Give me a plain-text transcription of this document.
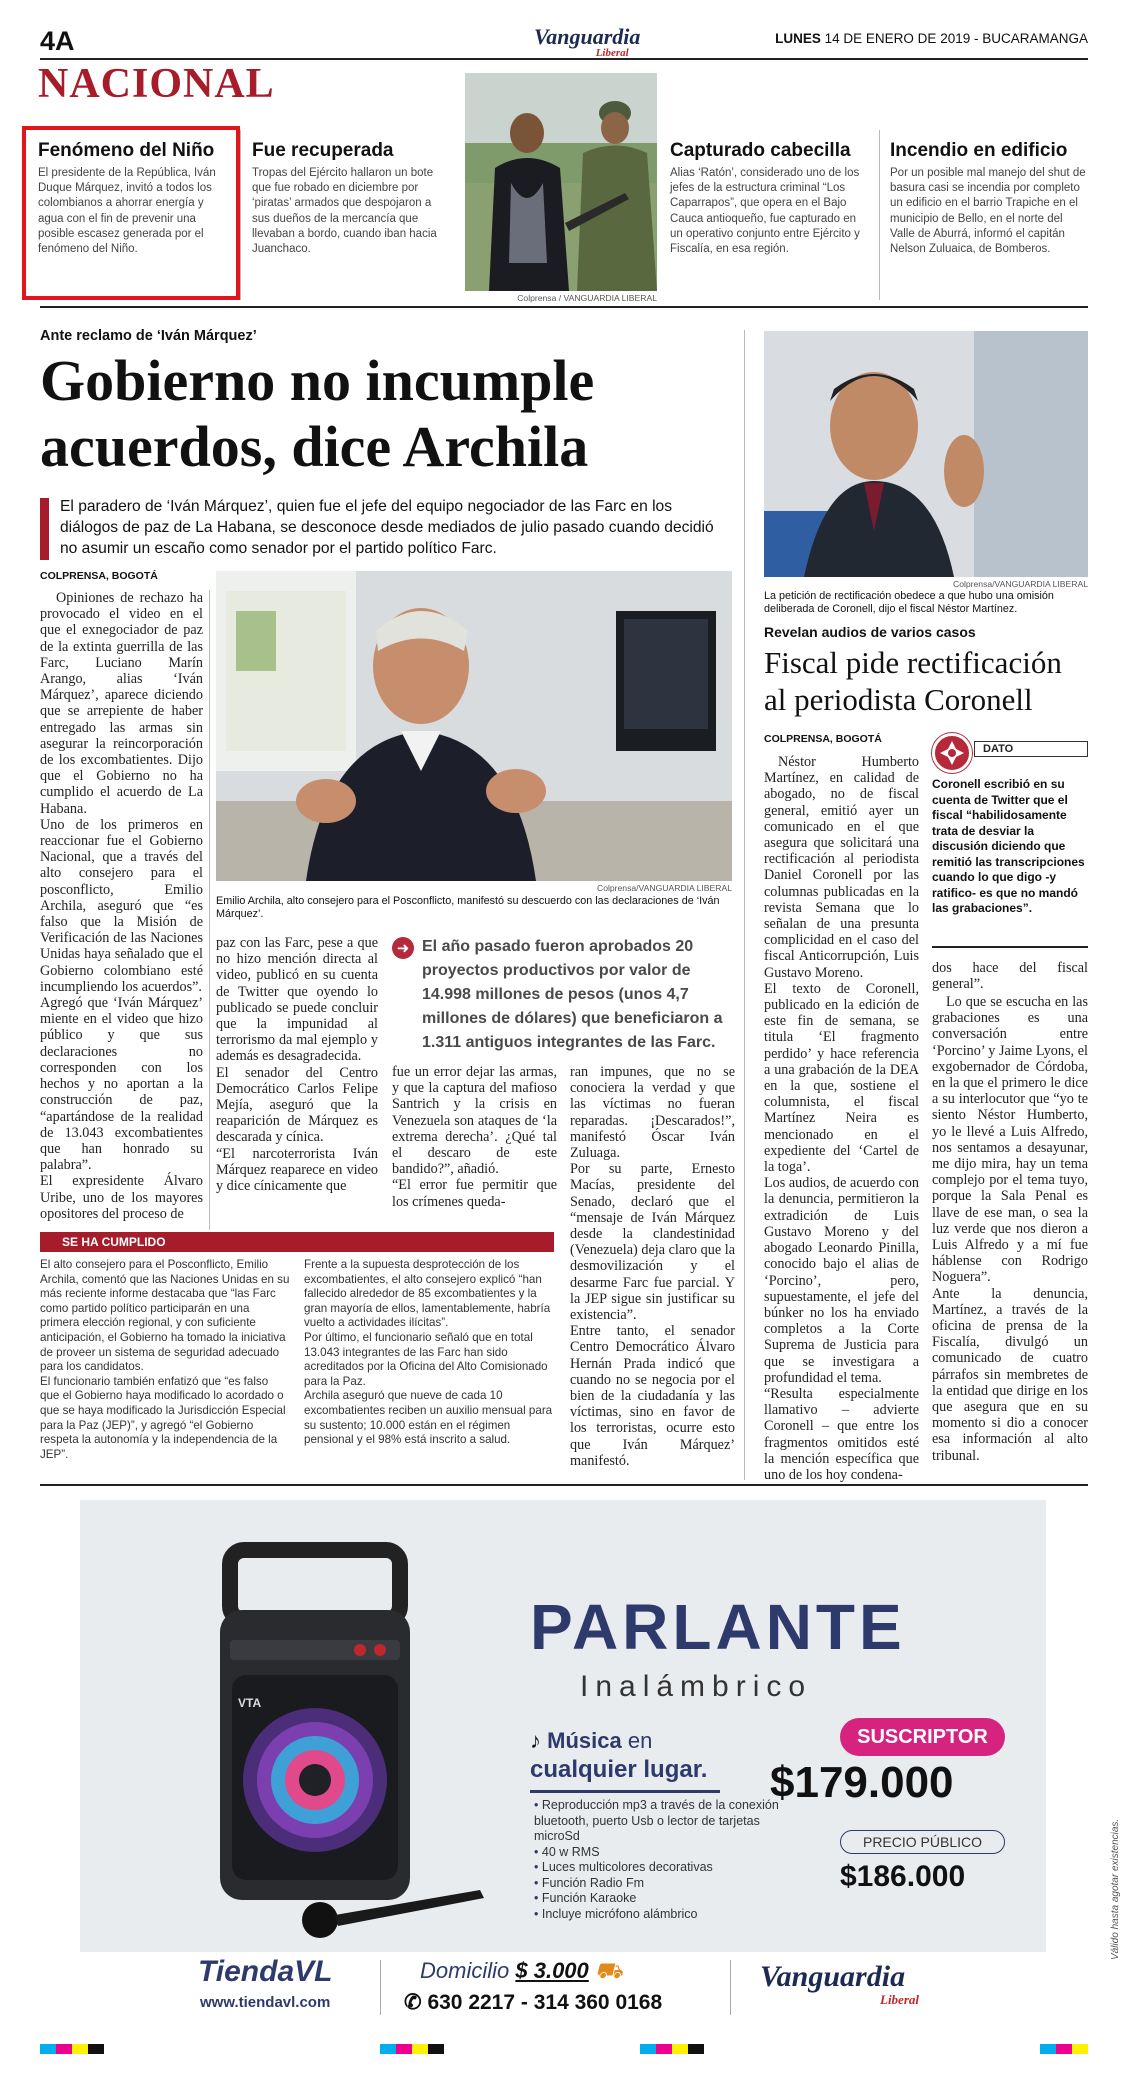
4A	Vanguardia
Liberal
LUNES 14 DE ENERO DE 2019 - BUCARAMANGA
NACIONAL
Fenómeno del Niño
El presidente de la República, Iván Duque Márquez, invitó a todos los colombianos a ahorrar energía y agua con el fin de prevenir una posible escasez generada por el fenómeno del Niño.
Fue recuperada
Tropas del Ejército hallaron un bote que fue robado en diciembre por ‘piratas’ armados que despojaron a sus dueños de la mercancía que llevaban a bordo, cuando iban hacia Juanchaco.
Colprensa / VANGUARDIA LIBERAL
Capturado cabecilla
Alias ‘Ratón’, considerado uno de los jefes de la estructura criminal “Los Caparrapos”, que opera en el Bajo Cauca antioqueño, fue capturado en un operativo conjunto entre Ejército y Fiscalía, en esa región.
Incendio en edificio
Por un posible mal manejo del shut de basura casi se incendia por completo un edificio en el barrio Trapiche en el municipio de Bello, en el norte del Valle de Aburrá, informó el capitán Nelson Zuluaica, de Bomberos.
Ante reclamo de ‘Iván Márquez’
Gobierno no incumple acuerdos, dice Archila
El paradero de ‘Iván Márquez’, quien fue el jefe del equipo negociador de las Farc en los diálogos de paz de La Habana, se desconoce desde mediados de julio pasado cuando decidió no asumir un escaño como senador por el partido político Farc.
COLPRENSA, BOGOTÁ
Colprensa/VANGUARDIA LIBERAL
Emilio Archila, alto consejero para el Posconflicto, manifestó su descuerdo con las declaraciones de ‘Iván Márquez’.
Opiniones de rechazo ha provocado el video en el que el exnegociador de paz de la extinta guerrilla de las Farc, Luciano Marín Arango, alias ‘Iván Márquez’, aparece diciendo que se arrepiente de haber entregado las armas sin asegurar la reincorporación de los excombatientes. Dijo que el Gobierno no ha cumplido el acuerdo de La Habana.
Uno de los primeros en reaccionar fue el Gobierno Nacional, que a través del alto consejero para el posconflicto, Emilio Archila, aseguró que “es falso que la Misión de Verificación de las Naciones Unidas haya señalado que el Gobierno colombiano esté incumpliendo los acuerdos”.
Agregó que ‘Iván Márquez’ miente en el video que hizo público y que sus declaraciones no corresponden con los hechos y no aportan a la construcción de paz, “apartándose de la realidad de 13.043 excombatientes que han honrado su palabra”.
El expresidente Álvaro Uribe, uno de los mayores opositores del proceso de
paz con las Farc, pese a que no hizo mención directa al video, publicó en su cuenta de Twitter que oyendo lo publicado se puede concluir que la impunidad al terrorismo da mal ejemplo y además es desagradecida.
El senador del Centro Democrático Carlos Felipe Mejía, aseguró que la reaparición de Márquez es descarada y cínica.
“El narcoterrorista Iván Márquez reaparece en video y dice cínicamente que
➜ El año pasado fueron aprobados 20 proyectos productivos por valor de 14.998 millones de pesos (unos 4,7 millones de dólares) que beneficiaron a 1.311 antiguos integrantes de las Farc.
fue un error dejar las armas, y que la captura del mafioso Santrich y la crisis en Venezuela son ataques de ‘la extrema derecha’. ¿Qué tal el descaro de este bandido?”, añadió.
“El error fue permitir que los crímenes queda-
ran impunes, que no se conociera la verdad y que las víctimas no fueran reparadas. ¡Descarados!”, manifestó Óscar Iván Zuluaga.
Por su parte, Ernesto Macías, presidente del Senado, declaró que el “mensaje de Iván Márquez desde la clandestinidad (Venezuela) deja claro que la desmovilización y el desarme Farc fue parcial. Y la JEP sigue sin justificar su existencia”.
Entre tanto, el senador Centro Democrático Álvaro Hernán Prada indicó que cuando no se negocia por el bien de la ciudadanía y las víctimas, sino en favor de los terroristas, ocurre esto que Iván Márquez’ manifestó.
SE HA CUMPLIDO
El alto consejero para el Posconflicto, Emilio Archila, comentó que las Naciones Unidas en su más reciente informe destacaba que “las Farc como partido político participarán en una primera elección regional, y con suficiente anticipación, el Gobierno ha tomado la iniciativa de proveer un sistema de seguridad adecuado para los candidatos.
El funcionario también enfatizó que “es falso que el Gobierno haya modificado lo acordado o que se haya modificado la Jurisdicción Especial para la Paz (JEP)”, y agregó “el Gobierno respeta la autonomía y la independencia de la JEP”.
Frente a la supuesta desprotección de los excombatientes, el alto consejero explicó “han fallecido alrededor de 85 excombatientes y la gran mayoría de ellos, lamentablemente, habría vuelto a actividades ilícitas”.
Por último, el funcionario señaló que en total 13.043 integrantes de las Farc han sido acreditados por la Oficina del Alto Comisionado para la Paz.
Archila aseguró que nueve de cada 10 excombatientes reciben un auxilio mensual para su sustento; 10.000 están en el régimen pensional y el 98% está inscrito a salud.
Colprensa/VANGUARDIA LIBERAL
La petición de rectificación obedece a que hubo una omisión deliberada de Coronell, dijo el fiscal Néstor Martínez.
Revelan audios de varios casos
Fiscal pide rectificación al periodista Coronell
COLPRENSA, BOGOTÁ
Néstor Humberto Martínez, en calidad de abogado, no de fiscal general, emitió ayer un comunicado en el que asegura que solicitará una rectificación al periodista Daniel Coronell por las columnas publicadas en la revista Semana que lo señalan de una presunta complicidad en el caso del fiscal Anticorrupción, Luis Gustavo Moreno.
El texto de Coronell, publicado en la edición de este fin de semana, se titula ‘El fragmento perdido’ y hace referencia a una grabación de la DEA en la que, sostiene el columnista, el fiscal Martínez Neira es mencionado en el expediente del ‘Cartel de la toga’.
Los audios, de acuerdo con la denuncia, permitieron la extradición de Luis Gustavo Moreno y del abogado Leonardo Pinilla, conocido bajo el alias de ‘Porcino’, pero, supuestamente, el jefe del búnker no los ha enviado completos a la Corte Suprema de Justicia para que se investigara a profundidad el tema.
“Resulta especialmente llamativo – advierte Coronell – que entre los fragmentos omitidos esté la mención específica que uno de los hoy condena-
DATO
Coronell escribió en su cuenta de Twitter que el fiscal “habilidosamente trata de desviar la discusión diciendo que remitió las transcripciones cuando lo que digo -y ratifico- es que no mandó las grabaciones”.
dos hace del fiscal general”.
Lo que se escucha en las grabaciones es una conversación entre ‘Porcino’ y Jaime Lyons, el exgobernador de Córdoba, en la que el primero le dice a su interlocutor que “yo te siento Néstor Humberto, yo le llevé a Luis Alfredo, nos sentamos a desayunar, me dijo mira, hay un tema complejo por el tema tuyo, porque la Sala Penal es llave de ese man, o sea la luz verde que nos dieron a Luis Alfredo y a mí fue háblense con Rodrigo Noguera”.
Ante la denuncia, Martínez, a través de la oficina de prensa de la Fiscalía, divulgó un comunicado de cuatro párrafos sin membretes de la entidad que dirige en los que asegura que en su momento si dio a conocer esa información al alto tribunal.
VTA
PARLANTE
Inalámbrico
♪ Música en
cualquier lugar.
• Reproducción mp3 a través de la conexión bluetooth, puerto Usb o lector de tarjetas microSd
• 40 w RMS
• Luces multicolores decorativas
• Función Radio Fm
• Función Karaoke
• Incluye micrófono alámbrico
SUSCRIPTOR
$179.000
PRECIO PÚBLICO
$186.000	Válido hasta agotar existencias.
TiendaVL
www.tiendavl.com
Domicilio $ 3.000 ⛟
✆ 630 2217 - 314 360 0168
Vanguardia
Liberal
